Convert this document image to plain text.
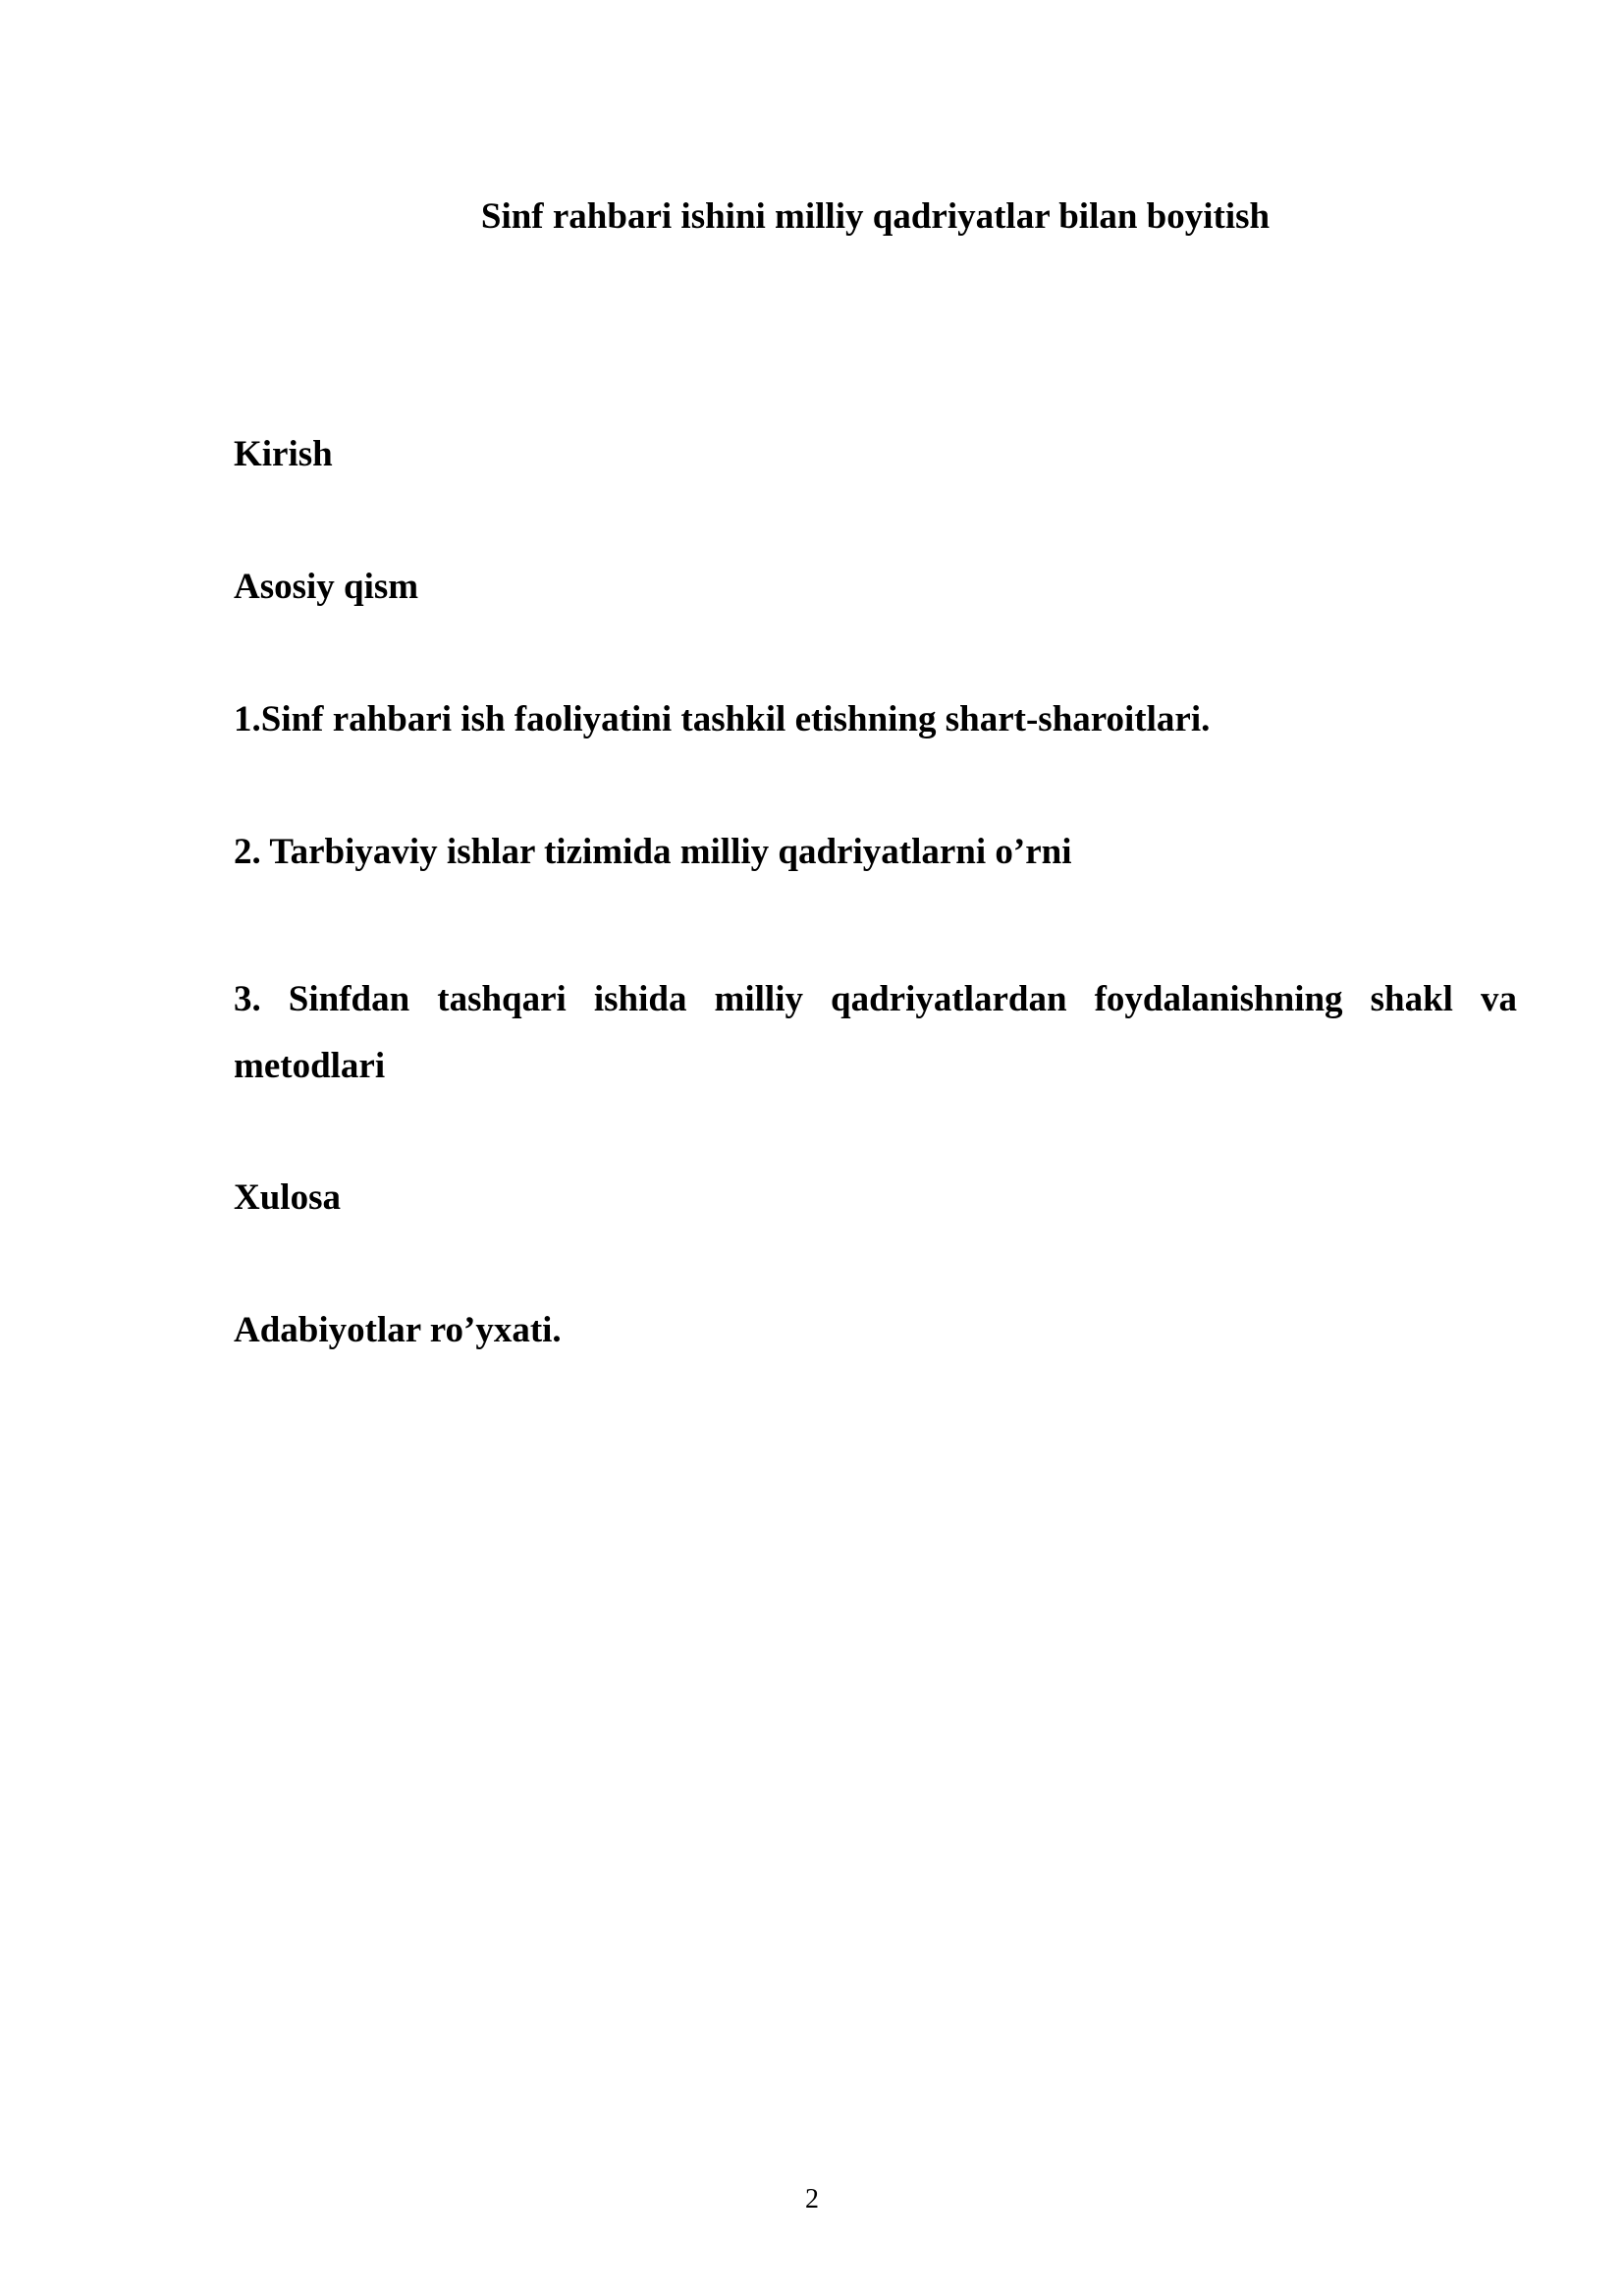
Sinf rahbari ishini milliy qadriyatlar bilan boyitish

Kirish

Asosiy qism

1.Sinf rahbari ish faoliyatini tashkil etishning shart-sharoitlari.

2. Tarbiyaviy ishlar tizimida milliy qadriyatlarni o’rni

3. Sinfdan tashqari ishida milliy qadriyatlardan foydalanishning shakl va metodlari

Xulosa

Adabiyotlar ro’yxati.

2
